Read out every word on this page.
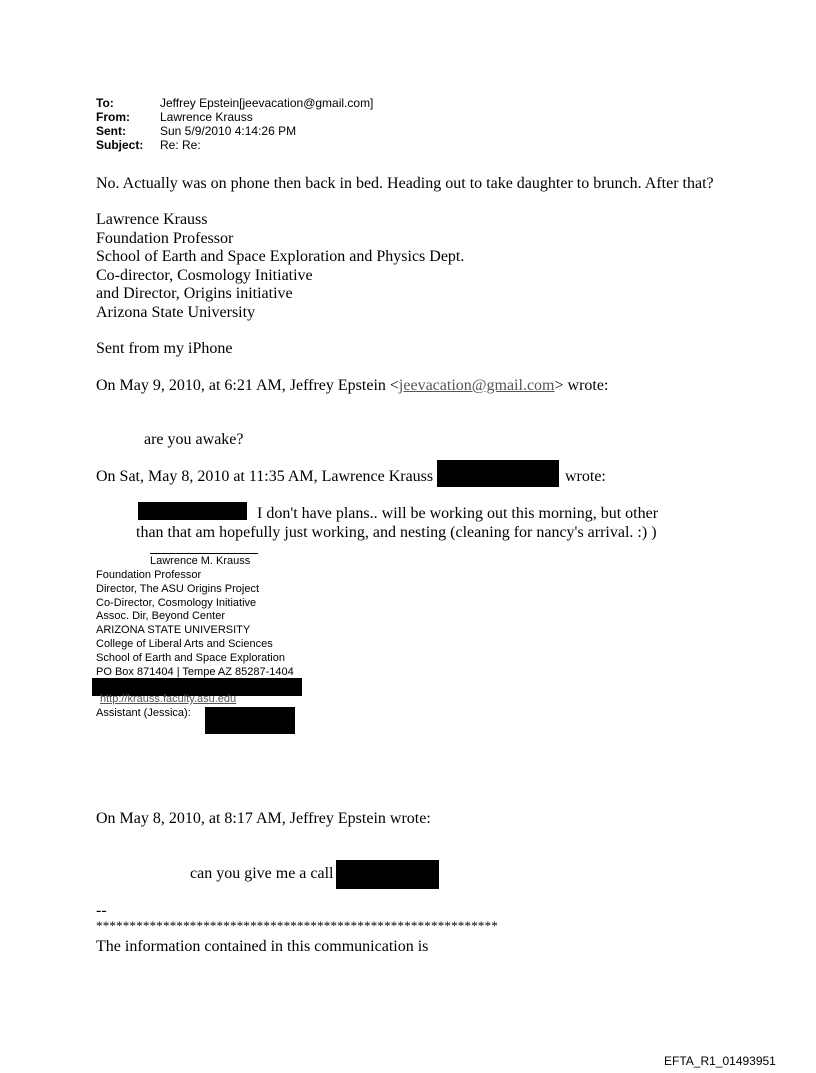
To:	Jeffrey Epstein[jeevacation@gmail.com]
From:	Lawrence Krauss
Sent:	Sun 5/9/2010 4:14:26 PM
Subject: Re: Re:
No. Actually was on phone then back in bed. Heading out to take daughter to brunch. After that?
Lawrence Krauss
Foundation Professor
School of Earth and Space Exploration and Physics Dept.
Co-director, Cosmology Initiative
and Director, Origins initiative
Arizona State University
Sent from my iPhone
On May 9, 2010, at 6:21 AM, Jeffrey Epstein <jeevacation@gmail.com> wrote:
are you awake?
On Sat, May 8, 2010 at 11:35 AM, Lawrence Krauss	wrote:
I don't have plans.. will be working out this morning, but other
than that am hopefully just working, and nesting (cleaning for nancy's arrival. :) )
Lawrence M. Krauss
Foundation Professor
Director, The ASU Origins Project
Co-Director, Cosmology Initiative
Assoc. Dir, Beyond Center
ARIZONA STATE UNIVERSITY
College of Liberal Arts and Sciences
School of Earth and Space Exploration
PO Box 871404 | Tempe AZ 85287-1404
http://krauss.faculty.asu.edu
Assistant (Jessica):
On May 8, 2010, at 8:17 AM, Jeffrey Epstein wrote:
can you give me a call
--
************************************************************
The information contained in this communication is
EFTA_R1_01493951
